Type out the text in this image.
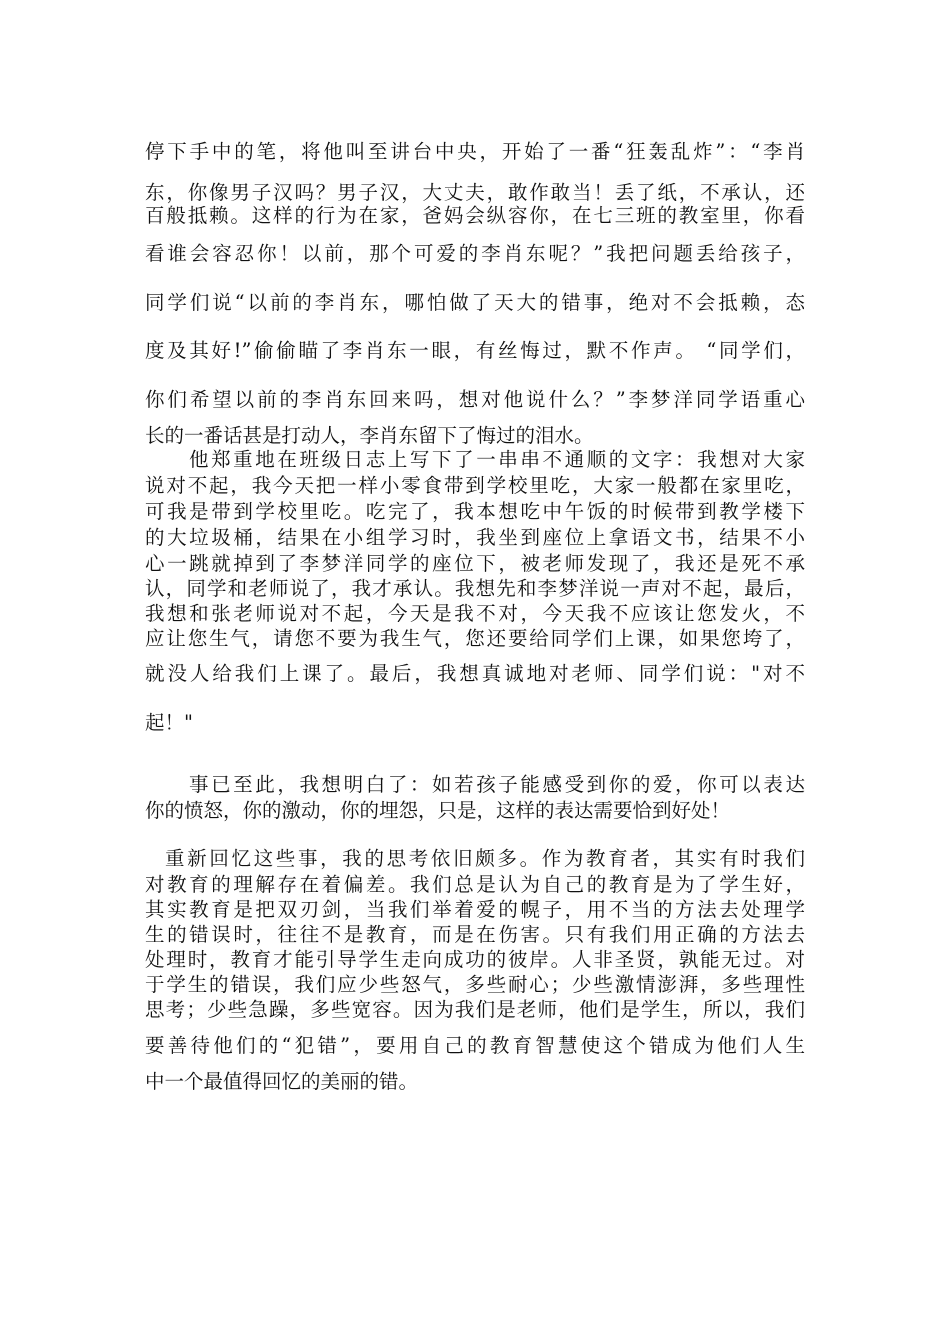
停下手中的笔，将他叫至讲台中央，开始了一番“狂轰乱炸”：“李肖

东，你像男子汉吗？男子汉，大丈夫，敢作敢当！丢了纸，不承认，还

百般抵赖。这样的行为在家，爸妈会纵容你，在七三班的教室里，你看

看谁会容忍你！以前，那个可爱的李肖东呢？”我把问题丢给孩子，

同学们说“以前的李肖东，哪怕做了天大的错事，绝对不会抵赖，态

度及其好!”偷偷瞄了李肖东一眼，有丝悔过，默不作声。 “同学们，

你们希望以前的李肖东回来吗，想对他说什么？”李梦洋同学语重心

长的一番话甚是打动人，李肖东留下了悔过的泪水。

他郑重地在班级日志上写下了一串串不通顺的文字：我想对大家

说对不起，我今天把一样小零食带到学校里吃，大家一般都在家里吃，

可我是带到学校里吃。吃完了，我本想吃中午饭的时候带到教学楼下

的大垃圾桶，结果在小组学习时，我坐到座位上拿语文书，结果不小

心一跳就掉到了李梦洋同学的座位下，被老师发现了，我还是死不承

认，同学和老师说了，我才承认。我想先和李梦洋说一声对不起，最后，

我想和张老师说对不起，今天是我不对，今天我不应该让您发火，不

应让您生气，请您不要为我生气，您还要给同学们上课，如果您垮了，

就没人给我们上课了。最后，我想真诚地对老师、同学们说："对不

起！"

事已至此，我想明白了：如若孩子能感受到你的爱，你可以表达

你的愤怒，你的激动，你的埋怨，只是，这样的表达需要恰到好处！

重新回忆这些事，我的思考依旧颇多。作为教育者，其实有时我们

对教育的理解存在着偏差。我们总是认为自己的教育是为了学生好，

其实教育是把双刃剑，当我们举着爱的幌子，用不当的方法去处理学

生的错误时，往往不是教育，而是在伤害。只有我们用正确的方法去

处理时，教育才能引导学生走向成功的彼岸。人非圣贤，孰能无过。对

于学生的错误，我们应少些怒气，多些耐心；少些激情澎湃，多些理性

思考；少些急躁，多些宽容。因为我们是老师，他们是学生，所以，我们

要善待他们的“犯错”，要用自己的教育智慧使这个错成为他们人生

中一个最值得回忆的美丽的错。
